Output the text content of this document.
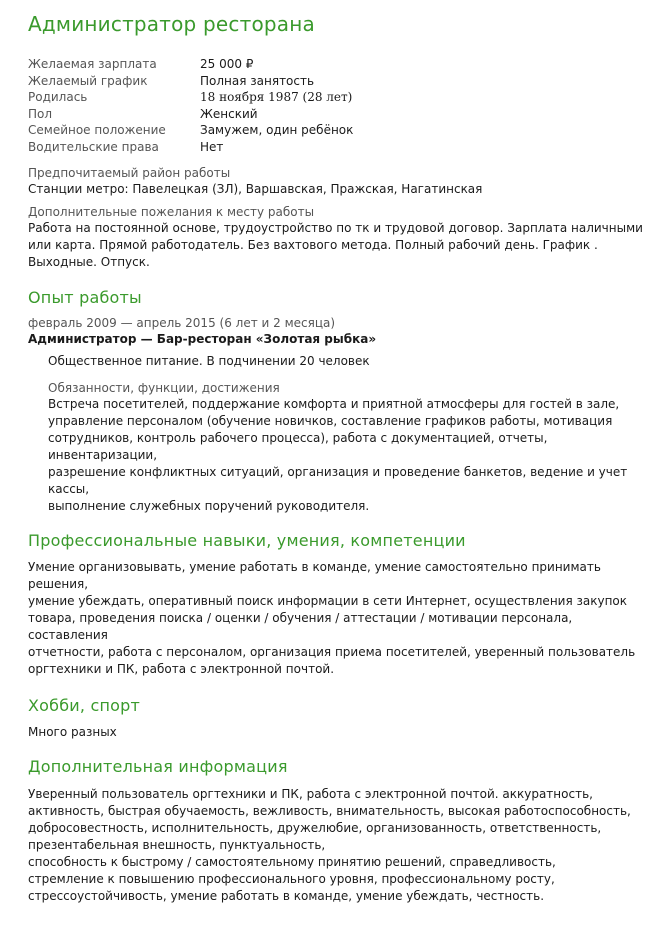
Администратор ресторана
Желаемая зарплата	25 000 ₽
Желаемый график	Полная занятость
Родилась	18 ноября 1987 (28 лет)
Пол	Женский
Семейное положение	Замужем, один ребёнок
Водительские права	Нет
Предпочитаемый район работы
Станции метро: Павелецкая (ЗЛ), Варшавская, Пражская, Нагатинская
Дополнительные пожелания к месту работы
Работа на постоянной основе, трудоустройство по тк и трудовой договор. Зарплата наличными
или карта. Прямой работодатель. Без вахтового метода. Полный рабочий день. График .
Выходные. Отпуск.
Опыт работы
февраль 2009 — апрель 2015 (6 лет и 2 месяца)
Администратор — Бар-ресторан «Золотая рыбка»
Общественное питание. В подчинении 20 человек
Обязанности, функции, достижения
Встреча посетителей, поддержание комфорта и приятной атмосферы для гостей в зале,
управление персоналом (обучение новичков, составление графиков работы, мотивация
сотрудников, контроль рабочего процесса), работа с документацией, отчеты, инвентаризации,
разрешение конфликтных ситуаций, организация и проведение банкетов, ведение и учет кассы,
выполнение служебных поручений руководителя.
Профессиональные навыки, умения, компетенции
Умение организовывать, умение работать в команде, умение самостоятельно принимать решения,
умение убеждать, оперативный поиск информации в сети Интернет, осуществления закупок
товара, проведения поиска / оценки / обучения / аттестации / мотивации персонала, составления
отчетности, работа с персоналом, организация приема посетителей, уверенный пользователь
оргтехники и ПК, работа с электронной почтой.
Хобби, спорт
Много разных
Дополнительная информация
Уверенный пользователь оргтехники и ПК, работа с электронной почтой. аккуратность,
активность, быстрая обучаемость, вежливость, внимательность, высокая работоспособность,
добросовестность, исполнительность, дружелюбие, организованность, ответственность,
презентабельная внешность, пунктуальность,
способность к быстрому / самостоятельному принятию решений, справедливость,
стремление к повышению профессионального уровня, профессиональному росту,
стрессоустойчивость, умение работать в команде, умение убеждать, честность.
